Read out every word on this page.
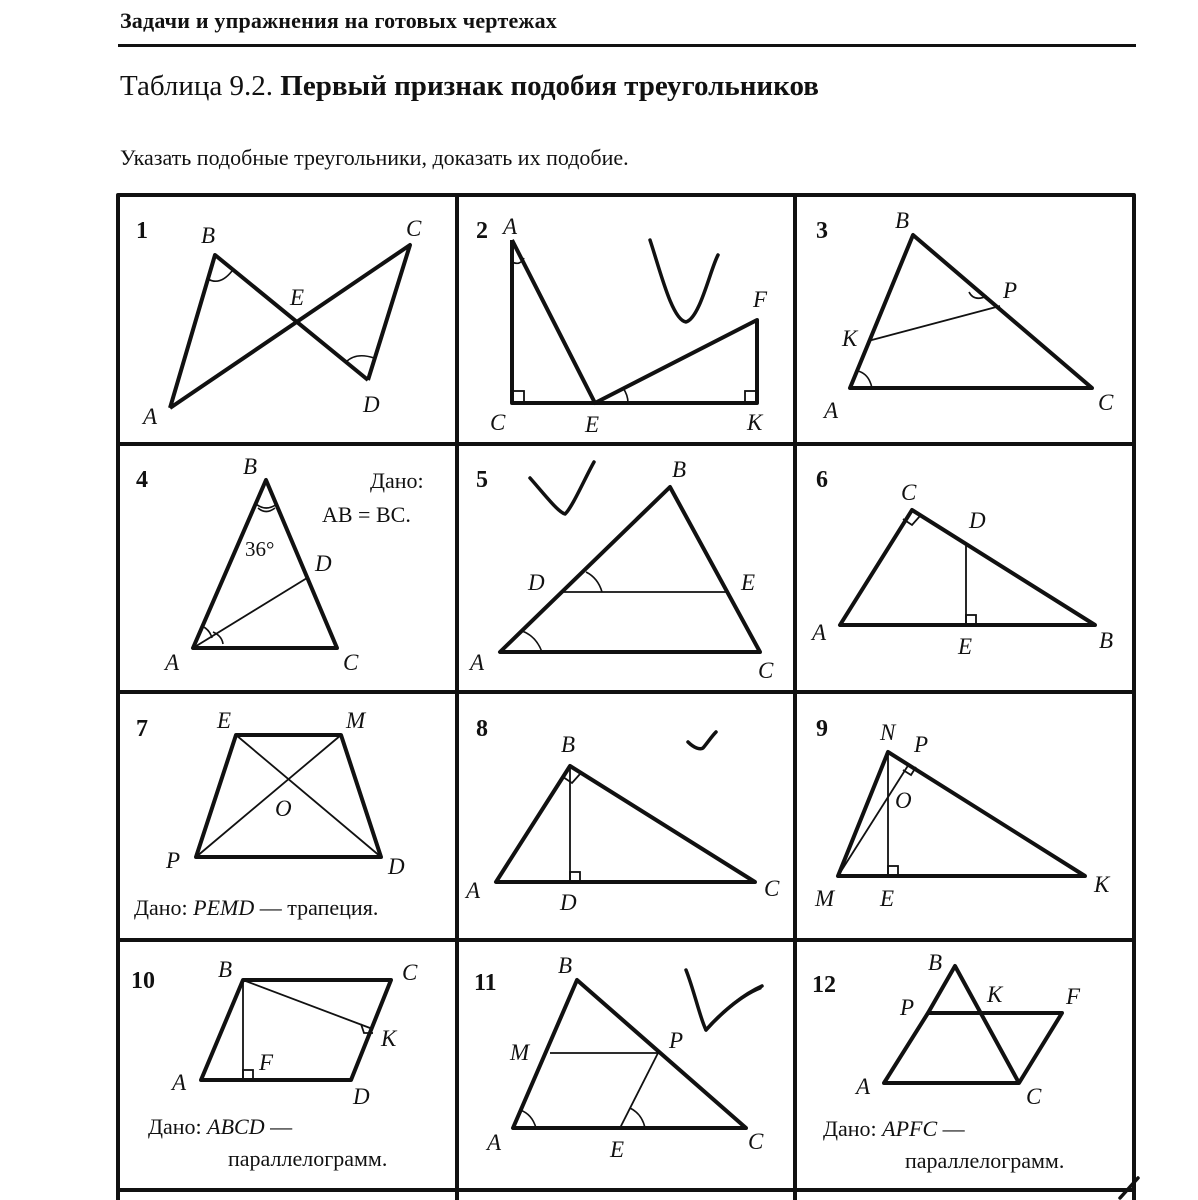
Задачи и упражнения на готовых чертежах
Таблица 9.2. Первый признак подобия треугольников
Указать подобные треугольники, доказать их подобие.
1 B	C
E
A	D
2 A
F
C	E	K
3	B
P
K
A	C
4
36°
B
D
A	C
Дано:
AB = BC.
5	B
D	E
A	C
6	C
D
A
E	B
7	E	M
O
P	D
Дано: PEMD — трапеция.
8
B
A	D
C
9 N P
O
M E
K
10	B	C
K
F
A
D
Дано: ABCD —
параллелограмм.
11
B
M	P
A	E	C
12
B
K	F
P
A	C
Дано: APFC —
параллелограмм.
